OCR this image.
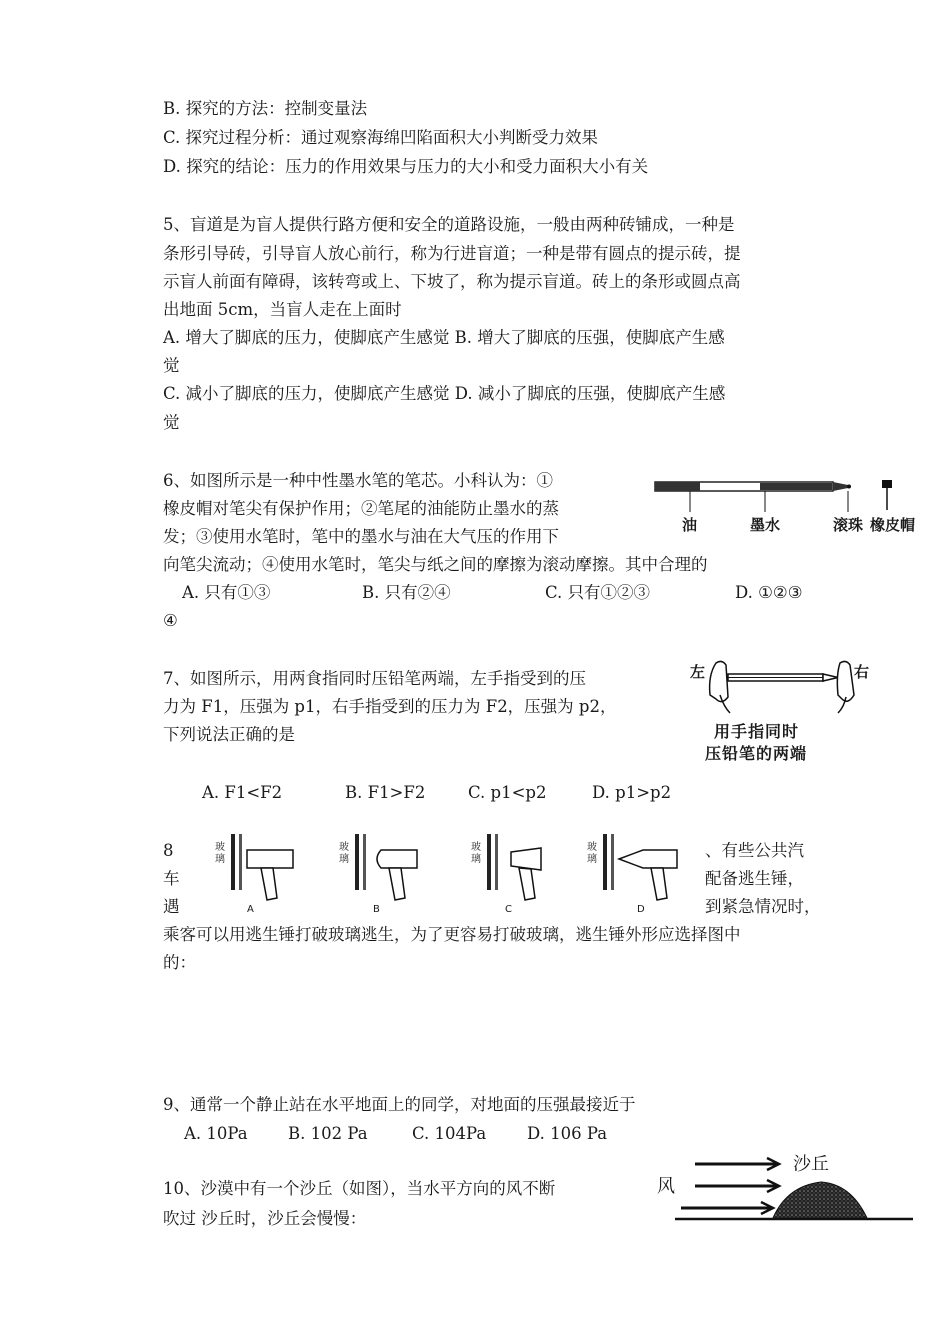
B. 探究的方法：控制变量法
C. 探究过程分析：通过观察海绵凹陷面积大小判断受力效果
D. 探究的结论：压力的作用效果与压力的大小和受力面积大小有关
5、盲道是为盲人提供行路方便和安全的道路设施，一般由两种砖铺成，一种是
条形引导砖，引导盲人放心前行，称为行进盲道；一种是带有圆点的提示砖，提
示盲人前面有障碍，该转弯或上、下坡了，称为提示盲道。砖上的条形或圆点高
出地面 5cm，当盲人走在上面时
A. 增大了脚底的压力，使脚底产生感觉 B. 增大了脚底的压强，使脚底产生感
觉
C. 减小了脚底的压力，使脚底产生感觉 D. 减小了脚底的压强，使脚底产生感
觉
6、如图所示是一种中性墨水笔的笔芯。小科认为：①
橡皮帽对笔尖有保护作用；②笔尾的油能防止墨水的蒸
发；③使用水笔时，笔中的墨水与油在大气压的作用下
向笔尖流动；④使用水笔时，笔尖与纸之间的摩擦为滚动摩擦。其中合理的
A. 只有①③	B. 只有②④	C. 只有①②③	D. ①②③
④
油	墨水	滚珠 橡皮帽
7、如图所示，用两食指同时压铅笔两端，左手指受到的压
力为 F1，压强为 p1，右手指受到的压力为 F2，压强为 p2，
下列说法正确的是
A. F1<F2	B. F1>F2	C. p1<p2	D. p1>p2
左	右
用手指同时
压铅笔的两端
8
车
遇
、有些公共汽
配备逃生锤，
到紧急情况时，
乘客可以用逃生锤打破玻璃逃生，为了更容易打破玻璃，逃生锤外形应选择图中
的：
玻璃
玻璃
玻璃
玻璃
A	B	C	D
9、通常一个静止站在水平地面上的同学，对地面的压强最接近于
A. 10Pa B. 102 Pa	C. 104Pa D. 106 Pa
10、沙漠中有一个沙丘（如图），当水平方向的风不断
吹过 沙丘时，沙丘会慢慢：
风
沙丘
